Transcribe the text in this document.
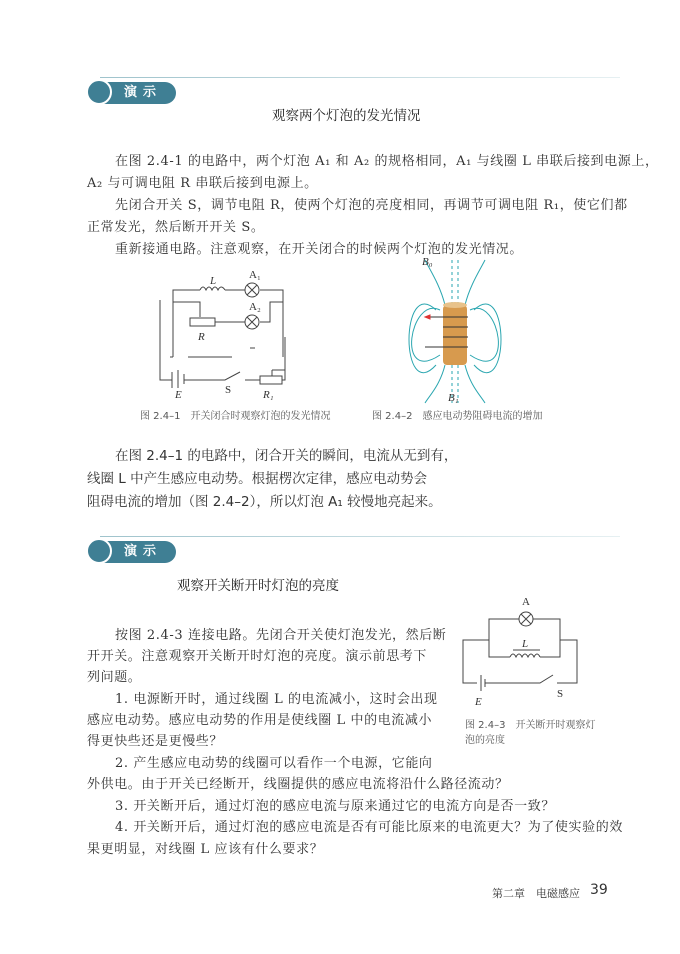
演示
观察两个灯泡的发光情况
在图 2.4-1 的电路中，两个灯泡 A₁ 和 A₂ 的规格相同，A₁ 与线圈 L 串联后接到电源上，
A₂ 与可调电阻 R 串联后接到电源上。
先闭合开关 S，调节电阻 R，使两个灯泡的亮度相同，再调节可调电阻 R₁，使它们都
正常发光，然后断开开关 S。
重新接通电路。注意观察，在开关闭合的时候两个灯泡的发光情况。
L	A₁
A₂
R
E	S	R₁
图 2.4–1　开关闭合时观察灯泡的发光情况
B₀
B₁
图 2.4–2　感应电动势阻碍电流的增加
在图 2.4–1 的电路中，闭合开关的瞬间，电流从无到有，
线圈 L 中产生感应电动势。根据楞次定律，感应电动势会
阻碍电流的增加（图 2.4–2），所以灯泡 A₁ 较慢地亮起来。
演示
观察开关断开时灯泡的亮度
按图 2.4-3 连接电路。先闭合开关使灯泡发光，然后断
开开关。注意观察开关断开时灯泡的亮度。演示前思考下
列问题。
1. 电源断开时，通过线圈 L 的电流减小，这时会出现
感应电动势。感应电动势的作用是使线圈 L 中的电流减小
得更快些还是更慢些？
2. 产生感应电动势的线圈可以看作一个电源，它能向
外供电。由于开关已经断开，线圈提供的感应电流将沿什么路径流动？
3. 开关断开后，通过灯泡的感应电流与原来通过它的电流方向是否一致？
4. 开关断开后，通过灯泡的感应电流是否有可能比原来的电流更大？为了使实验的效
果更明显，对线圈 L 应该有什么要求？
A
L
E
S
图 2.4–3　开关断开时观察灯
泡的亮度
第二章　电磁感应 39
